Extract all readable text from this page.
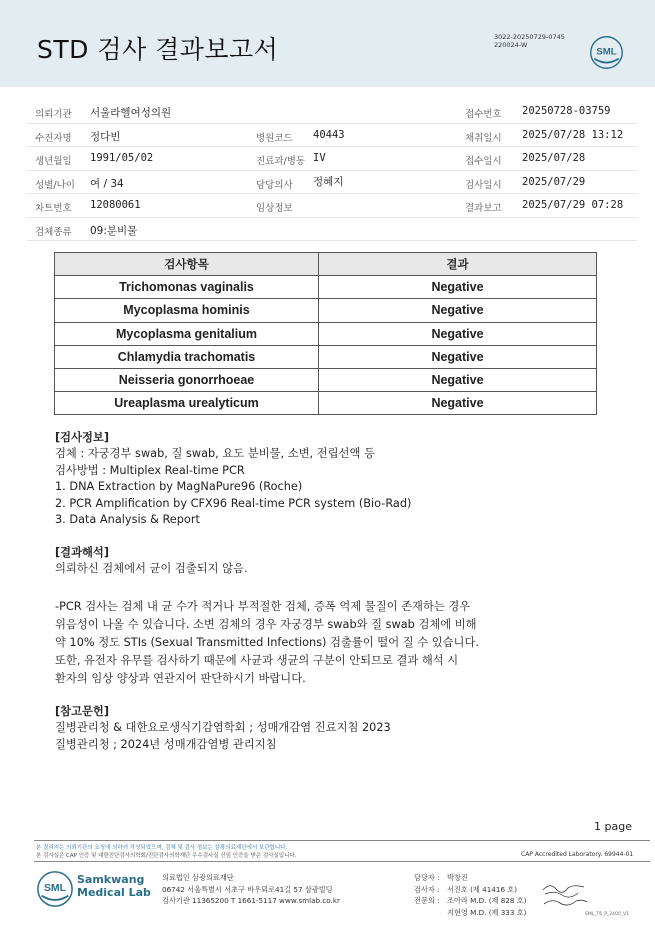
STD 검사 결과보고서	3022-20250729-0745
220024-W
SML
의뢰기관 서울라헬여성의원	접수번호 20250728-03759
수진자명 정다빈	병원코드 40443	채취일시 2025/07/28 13:12
생년월일 1991/05/02	진료과/병동 IV	접수일시 2025/07/28
성별/나이 여 / 34	담당의사 정혜지	검사일시 2025/07/29
차트번호 12080061	임상정보	결과보고 2025/07/29 07:28
검체종류 09:분비물
검사항목	결과
Trichomonas vaginalis	Negative
Mycoplasma hominis	Negative
Mycoplasma genitalium	Negative
Chlamydia trachomatis	Negative
Neisseria gonorrhoeae	Negative
Ureaplasma urealyticum	Negative
[검사정보]
검체 : 자궁경부 swab, 질 swab, 요도 분비물, 소변, 전립선액 등
검사방법 : Multiplex Real-time PCR
1. DNA Extraction by MagNaPure96 (Roche)
2. PCR Amplification by CFX96 Real-time PCR system (Bio-Rad)
3. Data Analysis & Report
[결과해석]
의뢰하신 검체에서 균이 검출되지 않음.
-PCR 검사는 검체 내 균 수가 적거나 부적절한 검체, 증폭 억제 물질이 존재하는 경우
위음성이 나올 수 있습니다. 소변 검체의 경우 자궁경부 swab와 질 swab 검체에 비해
약 10% 정도 STIs (Sexual Transmitted Infections) 검출률이 떨어 질 수 있습니다.
또한, 유전자 유무를 검사하기 때문에 사균과 생균의 구분이 안되므로 결과 해석 시
환자의 임상 양상과 연관지어 판단하시기 바랍니다.
[참고문헌]
질병관리청 & 대한요로생식기감염학회 ; 성매개감염 진료지침 2023
질병관리청 ; 2024년 성매개감염병 관리지침
1 page
본 결과지는 의뢰기관의 요청에 의하여 작성되었으며, 검체 및 검사 정보는 삼광의료재단에서 보관합니다.
본 검사실은 CAP 인증 및 대한진단검사의학회/진단검사의학재단 우수검사실 신임 인증을 받은 검사실입니다.	CAP Accredited Laboratory. 69944-01
SML
Samkwang
Medical Lab
의료법인 삼광의료재단
06742 서울특별시 서초구 바우뫼로41길 57 삼광빌딩
검사기관 11365200 T 1661-5117 www.smlab.co.kr
담당자 : 박창진
검사자 : 서진호 (제 41416 호)
전문의 : 조아라 M.D. (제 828 호)
지현영 M.D. (제 333 호)	SML_T6_P_2400_V1
